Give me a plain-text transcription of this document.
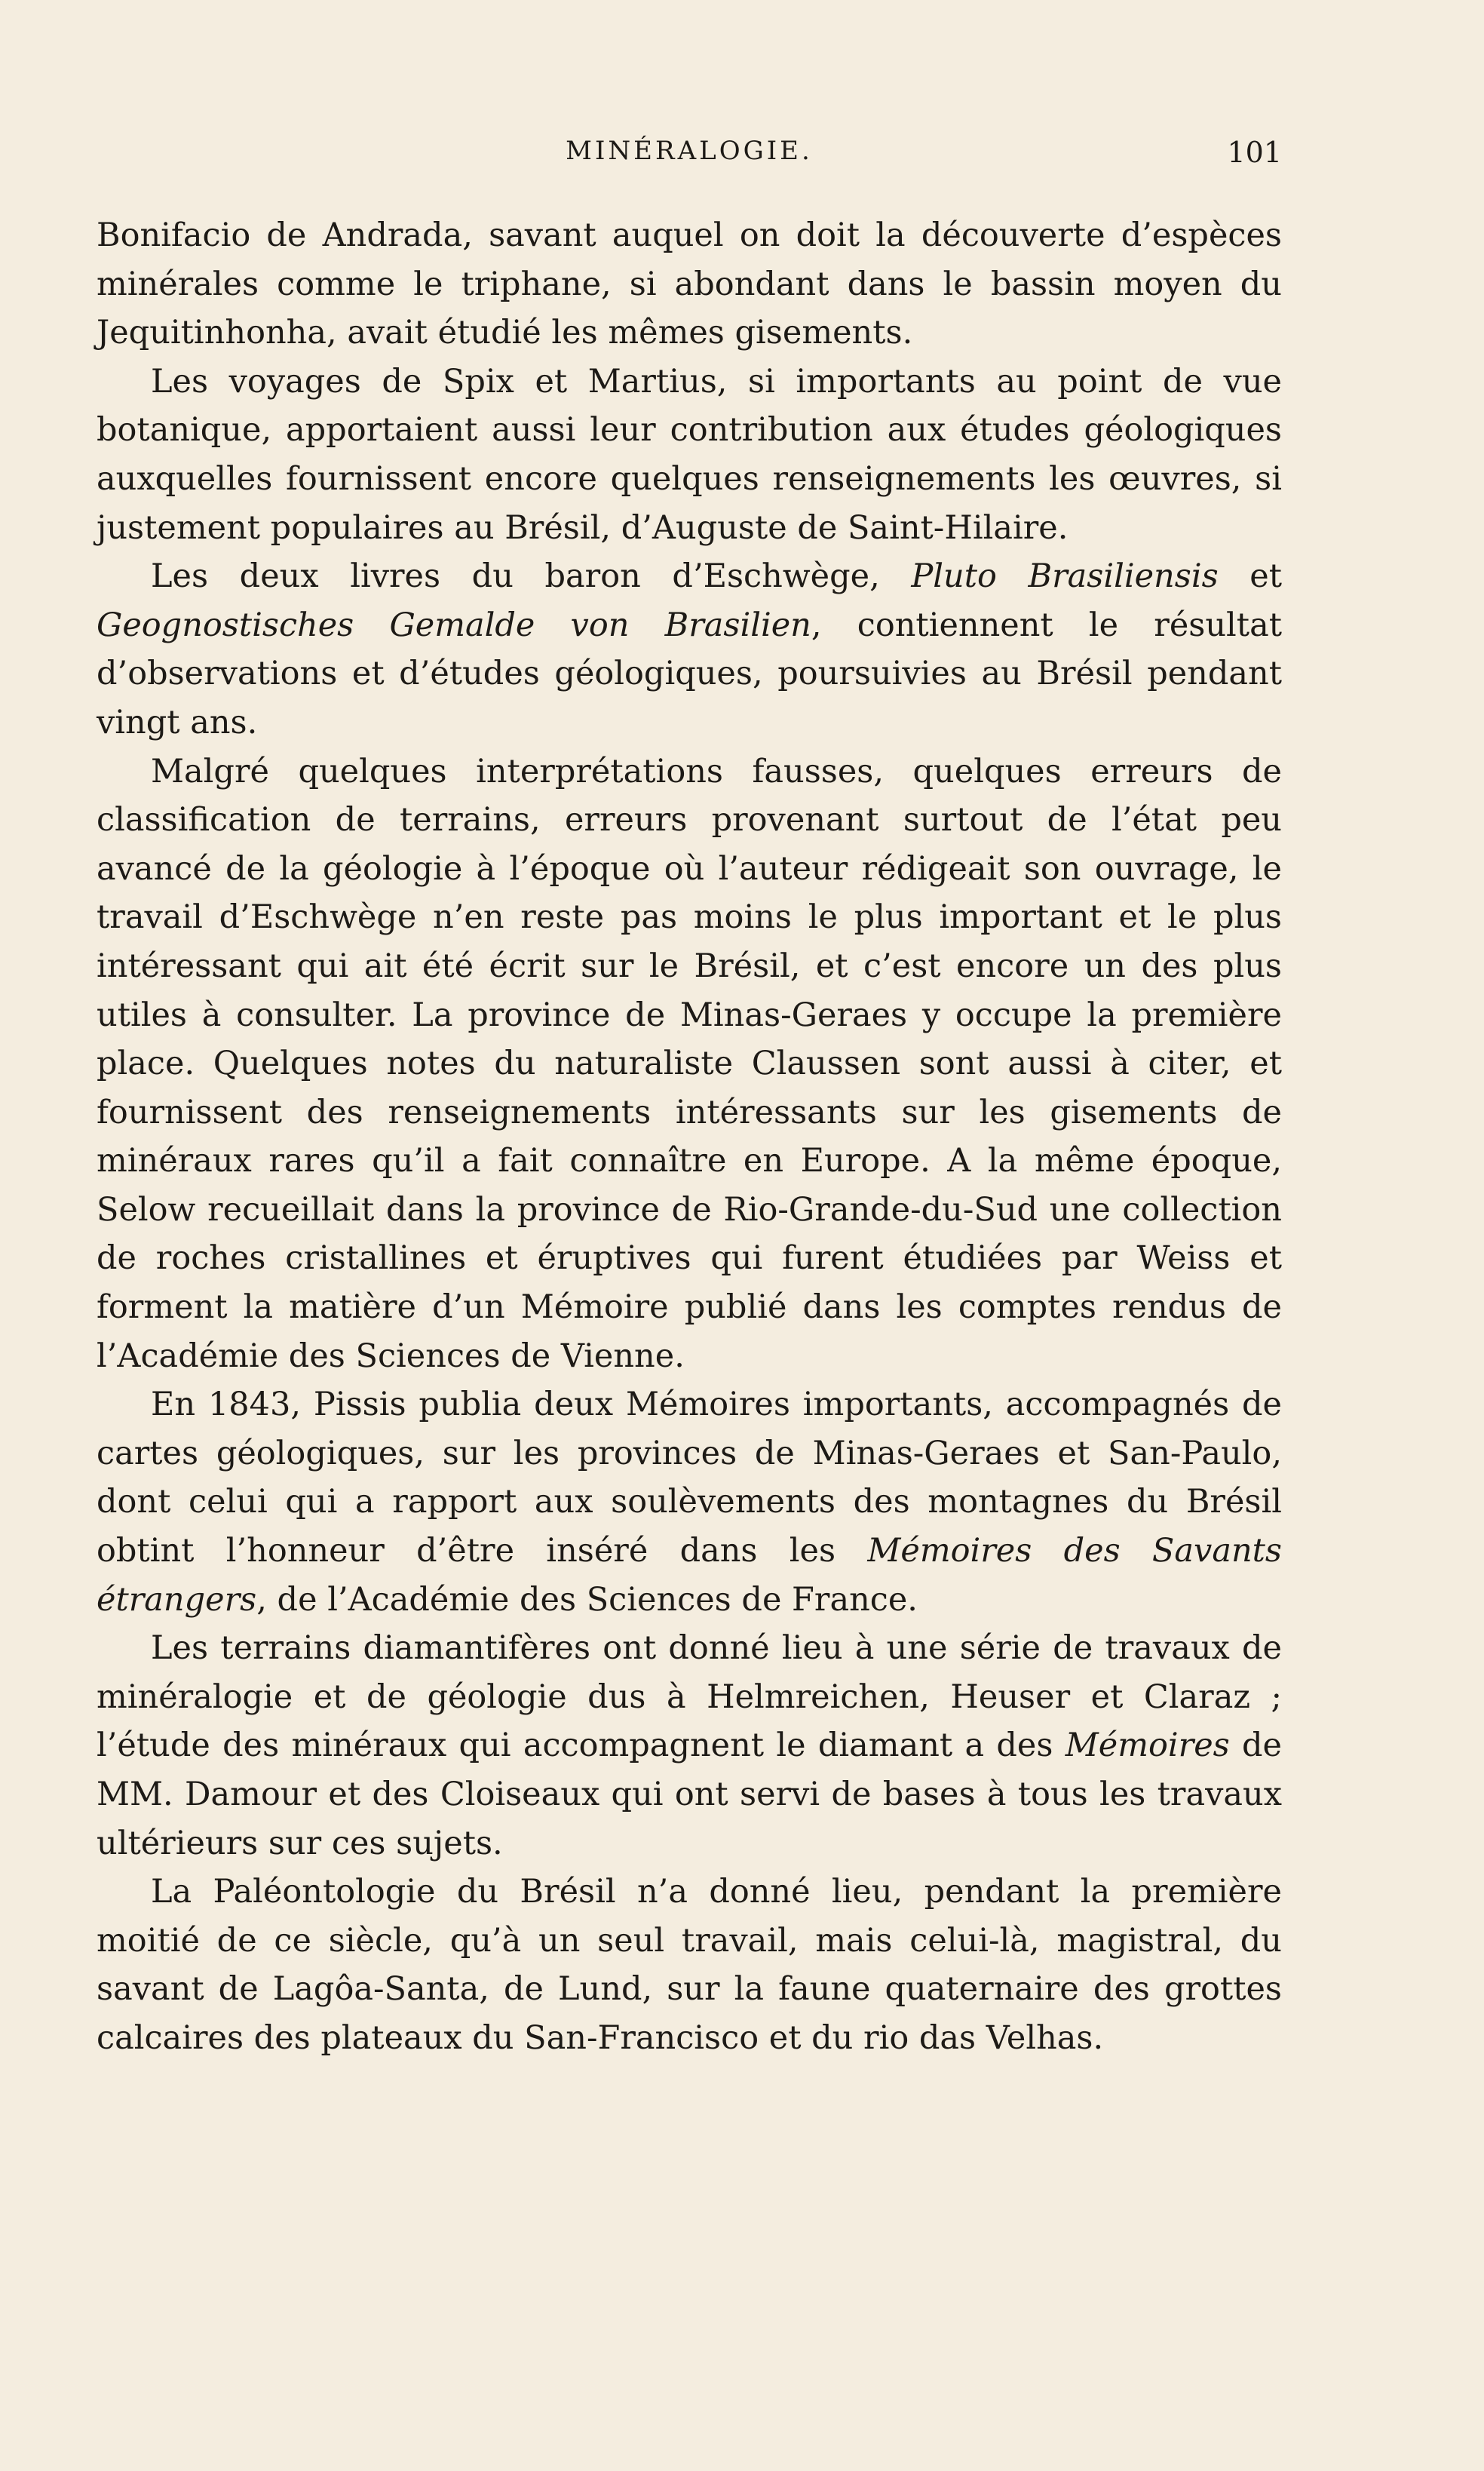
MINÉRALOGIE.	101

Bonifacio de Andrada, savant auquel on doit la découverte d’espèces minérales comme le triphane, si abondant dans le bassin moyen du Jequitinhonha, avait étudié les mêmes gisements.

Les voyages de Spix et Martius, si importants au point de vue botanique, apportaient aussi leur contribution aux études géologiques auxquelles fournissent encore quelques renseignements les œuvres, si justement populaires au Brésil, d’Auguste de Saint-Hilaire.

Les deux livres du baron d’Eschwège, Pluto Brasiliensis et Geognostisches Gemalde von Brasilien, contiennent le résultat d’observations et d’études géologiques, poursuivies au Brésil pendant vingt ans.

Malgré quelques interprétations fausses, quelques erreurs de classification de terrains, erreurs provenant surtout de l’état peu avancé de la géologie à l’époque où l’auteur rédigeait son ouvrage, le travail d’Eschwège n’en reste pas moins le plus important et le plus intéressant qui ait été écrit sur le Brésil, et c’est encore un des plus utiles à consulter. La province de Minas-Geraes y occupe la première place. Quelques notes du naturaliste Claussen sont aussi à citer, et fournissent des renseignements intéressants sur les gisements de minéraux rares qu’il a fait connaître en Europe. A la même époque, Selow recueillait dans la province de Rio-Grande-du-Sud une collection de roches cristallines et éruptives qui furent étudiées par Weiss et forment la matière d’un Mémoire publié dans les comptes rendus de l’Académie des Sciences de Vienne.

En 1843, Pissis publia deux Mémoires importants, accompagnés de cartes géologiques, sur les provinces de Minas-Geraes et San-Paulo, dont celui qui a rapport aux soulèvements des montagnes du Brésil obtint l’honneur d’être inséré dans les Mémoires des Savants étrangers, de l’Académie des Sciences de France.

Les terrains diamantifères ont donné lieu à une série de travaux de minéralogie et de géologie dus à Helmreichen, Heuser et Claraz ; l’étude des minéraux qui accompagnent le diamant a des Mémoires de MM. Damour et des Cloiseaux qui ont servi de bases à tous les travaux ultérieurs sur ces sujets.

La Paléontologie du Brésil n’a donné lieu, pendant la première moitié de ce siècle, qu’à un seul travail, mais celui-là, magistral, du savant de Lagôa-Santa, de Lund, sur la faune quaternaire des grottes calcaires des plateaux du San-Francisco et du rio das Velhas.
